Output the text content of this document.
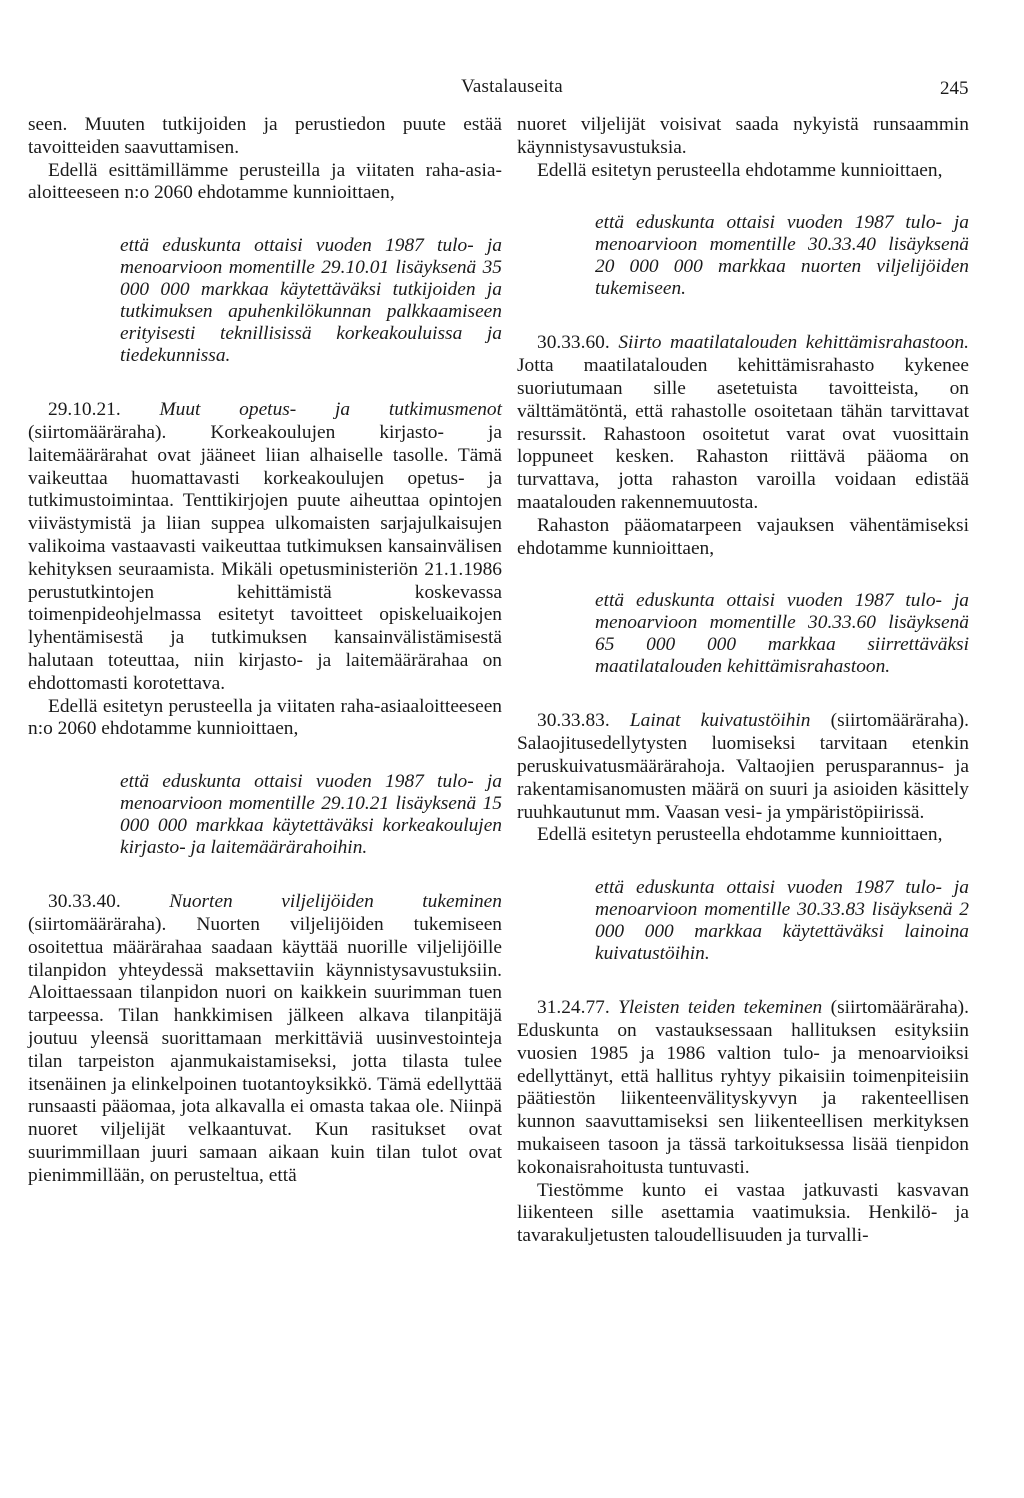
Vastalauseita	245

seen. Muuten tutkijoiden ja perustiedon puute estää tavoitteiden saavuttamisen.

Edellä esittämillämme perusteilla ja viitaten raha-asia-aloitteeseen n:o 2060 ehdotamme kunnioittaen,

että eduskunta ottaisi vuoden 1987 tulo- ja menoarvioon momentille 29.10.01 lisäyksenä 35 000 000 markkaa käytettäväksi tutkijoiden ja tutkimuksen apuhenkilökunnan palkkaamiseen erityisesti teknillisissä korkeakouluissa ja tiedekunnissa.

29.10.21. Muut opetus- ja tutkimusmenot (siirtomääräraha). Korkeakoulujen kirjasto- ja laitemäärärahat ovat jääneet liian alhaiselle tasolle. Tämä vaikeuttaa huomattavasti korkeakoulujen opetus- ja tutkimustoimintaa. Tenttikirjojen puute aiheuttaa opintojen viivästymistä ja liian suppea ulkomaisten sarjajulkaisujen valikoima vastaavasti vaikeuttaa tutkimuksen kansainvälisen kehityksen seuraamista. Mikäli opetusministeriön 21.1.1986 perustutkintojen kehittämistä koskevassa toimenpideohjelmassa esitetyt tavoitteet opiskeluaikojen lyhentämisestä ja tutkimuksen kansainvälistämisestä halutaan toteuttaa, niin kirjasto- ja laitemäärärahaa on ehdottomasti korotettava.

Edellä esitetyn perusteella ja viitaten raha-asiaaloitteeseen n:o 2060 ehdotamme kunnioittaen,

että eduskunta ottaisi vuoden 1987 tulo- ja menoarvioon momentille 29.10.21 lisäyksenä 15 000 000 markkaa käytettäväksi korkeakoulujen kirjasto- ja laitemäärärahoihin.

30.33.40. Nuorten viljelijöiden tukeminen (siirtomääräraha). Nuorten viljelijöiden tukemiseen osoitettua määrärahaa saadaan käyttää nuorille viljelijöille tilanpidon yhteydessä maksettaviin käynnistysavustuksiin. Aloittaessaan tilanpidon nuori on kaikkein suurimman tuen tarpeessa. Tilan hankkimisen jälkeen alkava tilanpitäjä joutuu yleensä suorittamaan merkittäviä uusinvestointeja tilan tarpeiston ajanmukaistamiseksi, jotta tilasta tulee itsenäinen ja elinkelpoinen tuotantoyksikkö. Tämä edellyttää runsaasti pääomaa, jota alkavalla ei omasta takaa ole. Niinpä nuoret viljelijät velkaantuvat. Kun rasitukset ovat suurimmillaan juuri samaan aikaan kuin tilan tulot ovat pienimmillään, on perusteltua, että

nuoret viljelijät voisivat saada nykyistä runsaammin käynnistysavustuksia.

Edellä esitetyn perusteella ehdotamme kunnioittaen,

että eduskunta ottaisi vuoden 1987 tulo- ja menoarvioon momentille 30.33.40 lisäyksenä 20 000 000 markkaa nuorten viljelijöiden tukemiseen.

30.33.60. Siirto maatilatalouden kehittämisrahastoon. Jotta maatilatalouden kehittämisrahasto kykenee suoriutumaan sille asetetuista tavoitteista, on välttämätöntä, että rahastolle osoitetaan tähän tarvittavat resurssit. Rahastoon osoitetut varat ovat vuosittain loppuneet kesken. Rahaston riittävä pääoma on turvattava, jotta rahaston varoilla voidaan edistää maatalouden rakennemuutosta.

Rahaston pääomatarpeen vajauksen vähentämiseksi ehdotamme kunnioittaen,

että eduskunta ottaisi vuoden 1987 tulo- ja menoarvioon momentille 30.33.60 lisäyksenä 65 000 000 markkaa siirrettäväksi maatilatalouden kehittämisrahastoon.

30.33.83. Lainat kuivatustöihin (siirtomääräraha). Salaojitusedellytysten luomiseksi tarvitaan etenkin peruskuivatusmäärärahoja. Valtaojien perusparannus- ja rakentamisanomusten määrä on suuri ja asioiden käsittely ruuhkautunut mm. Vaasan vesi- ja ympäristöpiirissä.

Edellä esitetyn perusteella ehdotamme kunnioittaen,

että eduskunta ottaisi vuoden 1987 tulo- ja menoarvioon momentille 30.33.83 lisäyksenä 2 000 000 markkaa käytettäväksi lainoina kuivatustöihin.

31.24.77. Yleisten teiden tekeminen (siirtomääräraha). Eduskunta on vastauksessaan hallituksen esityksiin vuosien 1985 ja 1986 valtion tulo- ja menoarvioiksi edellyttänyt, että hallitus ryhtyy pikaisiin toimenpiteisiin päätiestön liikenteenvälityskyvyn ja rakenteellisen kunnon saavuttamiseksi sen liikenteellisen merkityksen mukaiseen tasoon ja tässä tarkoituksessa lisää tienpidon kokonaisrahoitusta tuntuvasti.

Tiestömme kunto ei vastaa jatkuvasti kasvavan liikenteen sille asettamia vaatimuksia. Henkilö- ja tavarakuljetusten taloudellisuuden ja turvalli-
